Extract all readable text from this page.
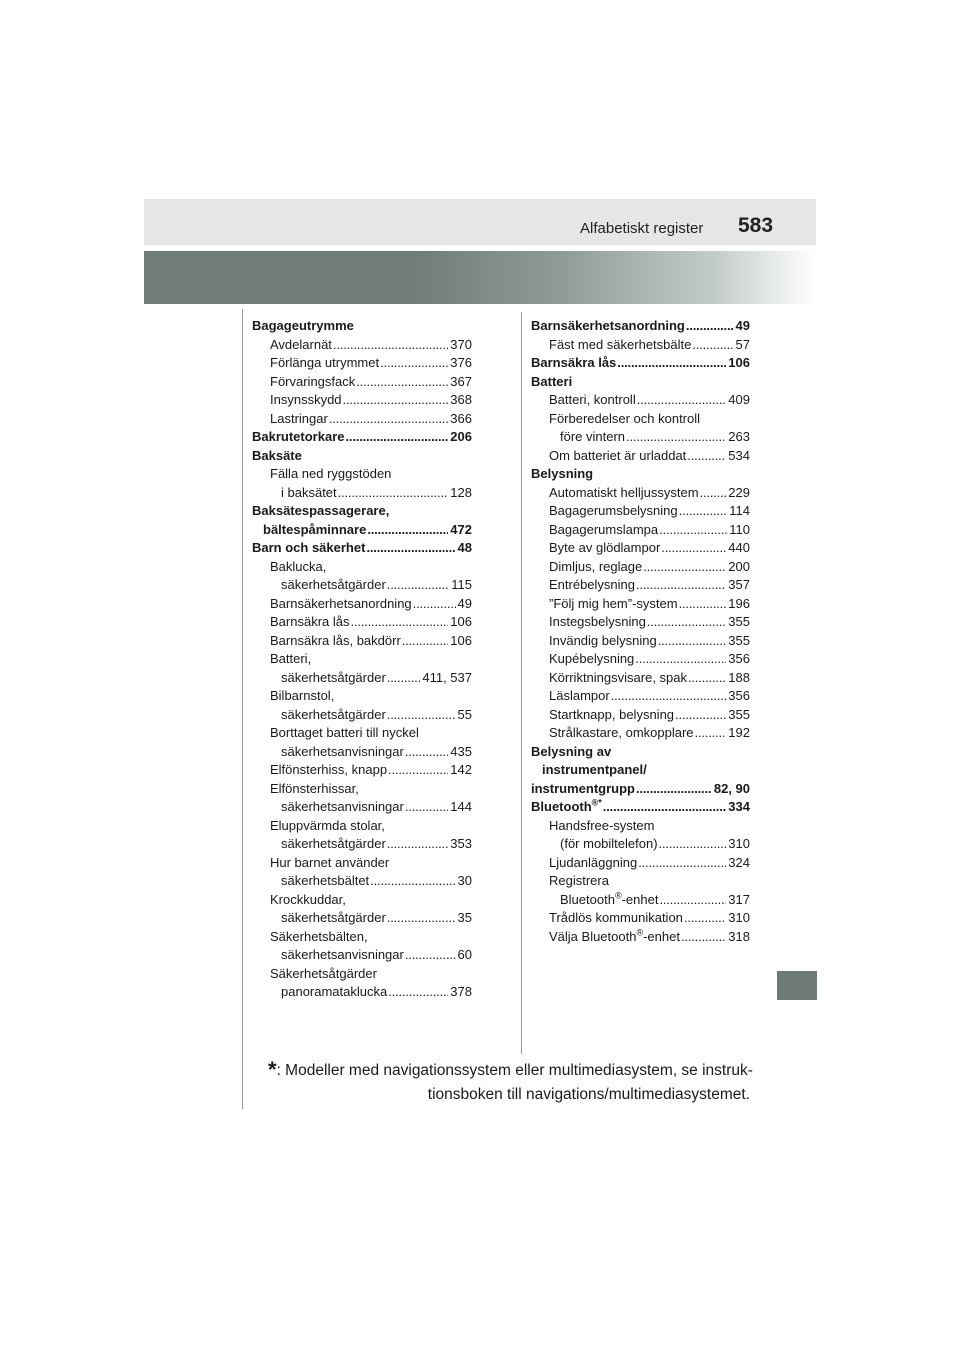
Alfabetiskt register 583
Bagageutrymme
Avdelarnät . . .	370
Förlänga utrymmet . . .	376
Förvaringsfack . . .	367
Insynsskydd . . .	368
Lastringar . . .	366
Bakrutetorkare . . .	206
Baksäte
Fälla ned ryggstöden
i baksätet . . .	128
Baksätespassagerare,
bältespåminnare . . .	472
Barn och säkerhet . . .	48
Baklucka,
säkerhetsåtgärder . . .	115
Barnsäkerhetsanordning . . .	49
Barnsäkra lås . . .	106
Barnsäkra lås, bakdörr . . .	106
Batteri,
säkerhetsåtgärder . . .	411, 537
Bilbarnstol,
säkerhetsåtgärder . . .	55
Borttaget batteri till nyckel
säkerhetsanvisningar . . .	435
Elfönsterhiss, knapp . . .	142
Elfönsterhissar,
säkerhetsanvisningar . . .	144
Eluppvärmda stolar,
säkerhetsåtgärder . . .	353
Hur barnet använder
säkerhetsbältet . . .	30
Krockkuddar,
säkerhetsåtgärder . . .	35
Säkerhetsbälten,
säkerhetsanvisningar . . .	60
Säkerhetsåtgärder
panoramataklucka . . .	378
Barnsäkerhetsanordning . . .	49
Fäst med säkerhetsbälte . . .	57
Barnsäkra lås . . .	106
Batteri
Batteri, kontroll . . .	409
Förberedelser och kontroll
före vintern . . .	263
Om batteriet är urladdat . . .	534
Belysning
Automatiskt helljussystem . . . 229
Bagagerumsbelysning . . .	114
Bagagerumslampa . . .	110
Byte av glödlampor . . .	440
Dimljus, reglage . . .	200
Entrébelysning . . .	357
”Följ mig hem”-system . . .	196
Instegsbelysning . . .	355
Invändig belysning . . .	355
Kupébelysning . . .	356
Körriktningsvisare, spak . . .	188
Läslampor . . .	356
Startknapp, belysning . . .	355
Strålkastare, omkopplare . . .	192
Belysning av
instrumentpanel/
instrumentgrupp . . .	82, 90
Bluetooth®* . . .	334
Handsfree-system
(för mobiltelefon) . . .	310
Ljudanläggning . . .	324
Registrera
Bluetooth®-enhet . . .	317
Trådlös kommunikation . . .	310
Välja Bluetooth®-enhet . . .	318
*: Modeller med navigationssystem eller multimediasystem, se instruk-
tionsboken till navigations/multimediasystemet.
